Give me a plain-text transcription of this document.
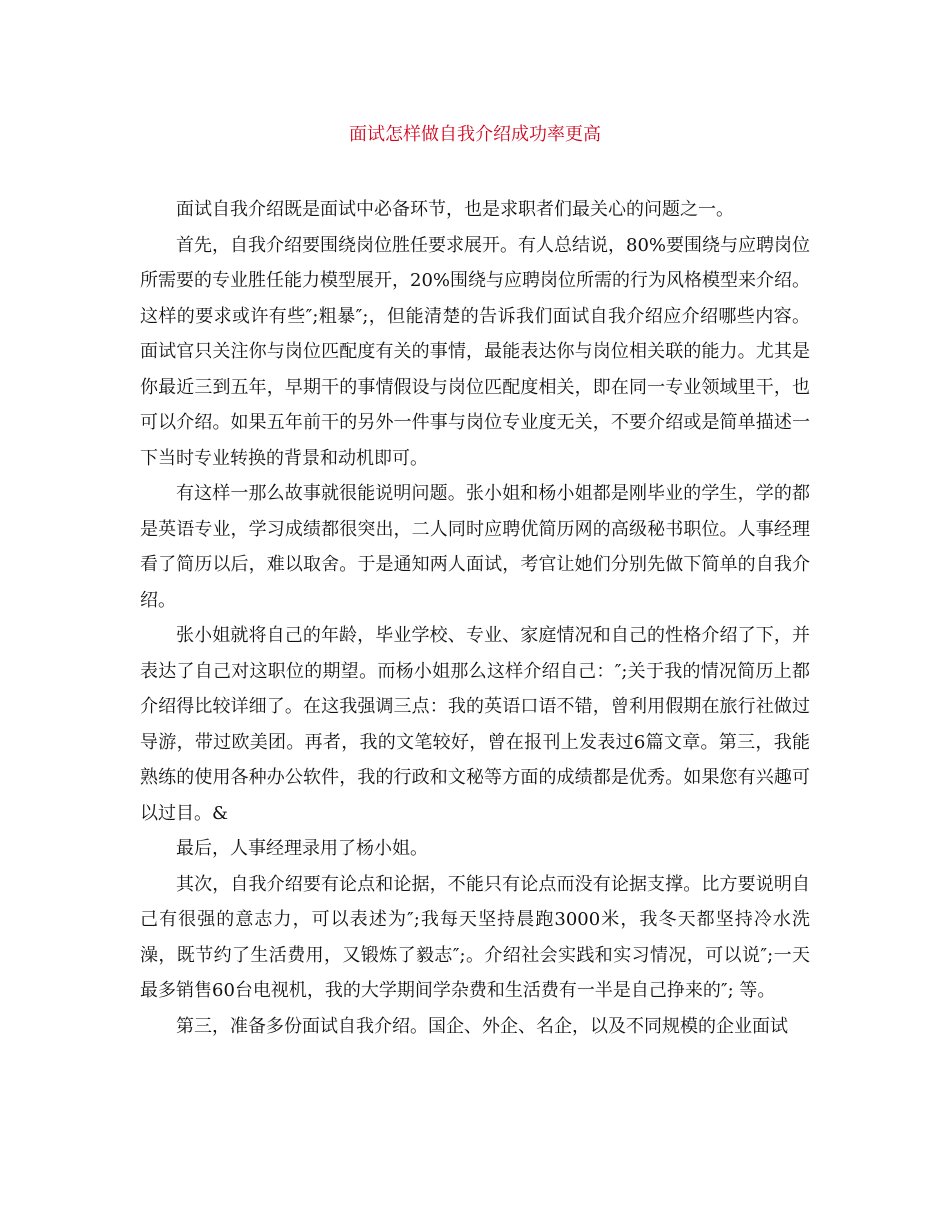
面试怎样做自我介绍成功率更高

面试自我介绍既是面试中必备环节，也是求职者们最关心的问题之一。

首先，自我介绍要围绕岗位胜任要求展开。有人总结说，80%要围绕与应聘岗位所需要的专业胜任能力模型展开，20%围绕与应聘岗位所需的行为风格模型来介绍。这样的要求或许有些″;粗暴″;，但能清楚的告诉我们面试自我介绍应介绍哪些内容。面试官只关注你与岗位匹配度有关的事情，最能表达你与岗位相关联的能力。尤其是你最近三到五年，早期干的事情假设与岗位匹配度相关，即在同一专业领域里干，也可以介绍。如果五年前干的另外一件事与岗位专业度无关，不要介绍或是简单描述一下当时专业转换的背景和动机即可。

有这样一那么故事就很能说明问题。张小姐和杨小姐都是刚毕业的学生，学的都是英语专业，学习成绩都很突出，二人同时应聘优简历网的高级秘书职位。人事经理看了简历以后，难以取舍。于是通知两人面试，考官让她们分别先做下简单的自我介绍。

张小姐就将自己的年龄，毕业学校、专业、家庭情况和自己的性格介绍了下，并表达了自己对这职位的期望。而杨小姐那么这样介绍自己：″;关于我的情况简历上都介绍得比较详细了。在这我强调三点：我的英语口语不错，曾利用假期在旅行社做过导游，带过欧美团。再者，我的文笔较好，曾在报刊上发表过6篇文章。第三，我能熟练的使用各种办公软件，我的行政和文秘等方面的成绩都是优秀。如果您有兴趣可以过目。&

最后，人事经理录用了杨小姐。

其次，自我介绍要有论点和论据，不能只有论点而没有论据支撑。比方要说明自己有很强的意志力，可以表述为″;我每天坚持晨跑3000米，我冬天都坚持冷水洗澡，既节约了生活费用，又锻炼了毅志″;。介绍社会实践和实习情况，可以说″;一天最多销售60台电视机，我的大学期间学杂费和生活费有一半是自己挣来的″; 等。

第三，准备多份面试自我介绍。国企、外企、名企，以及不同规模的企业面试
